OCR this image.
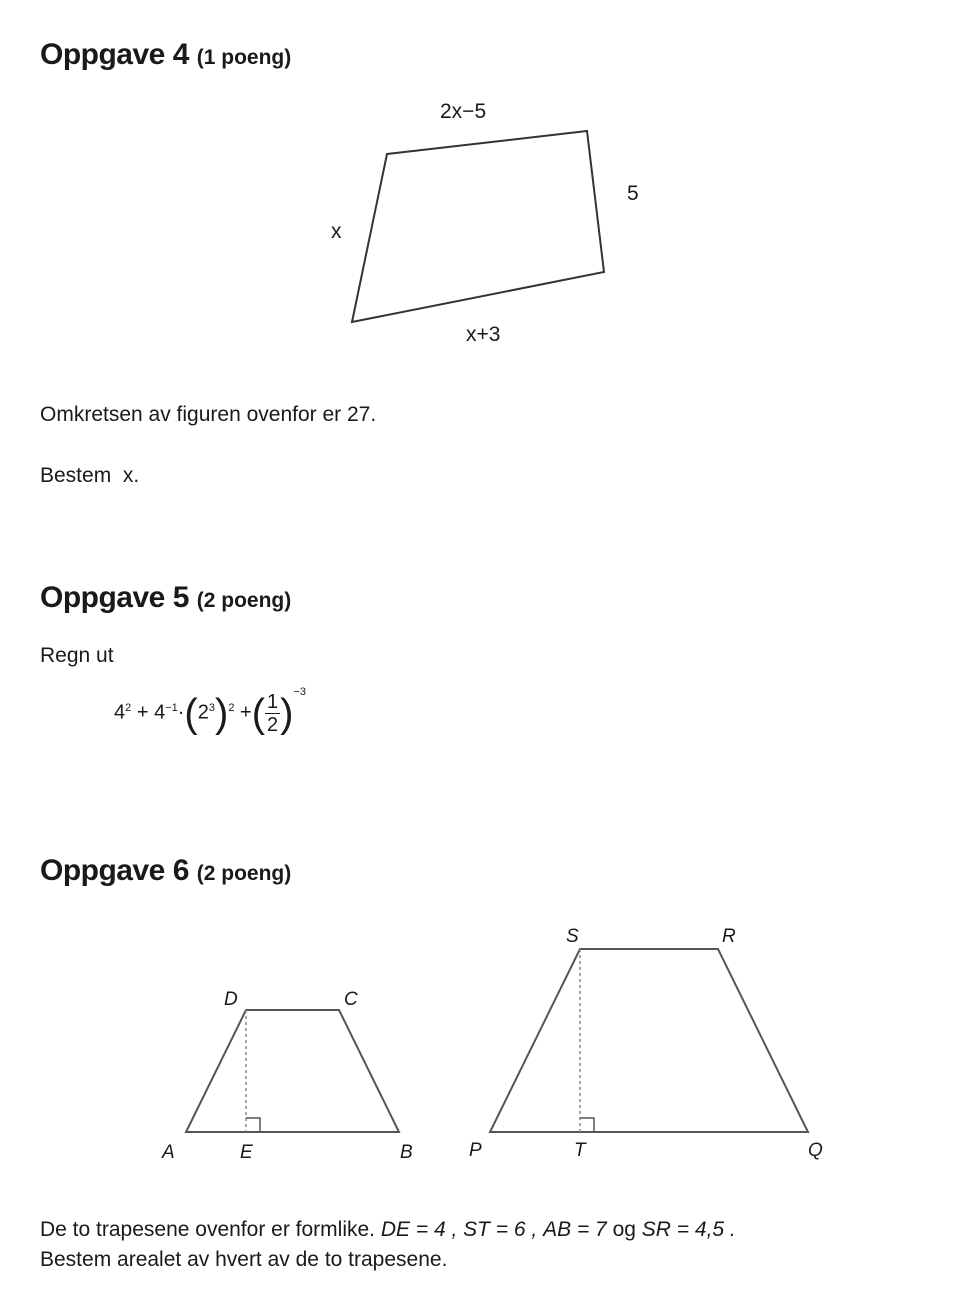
Oppgave 4 (1 poeng)
2x−5
5
x
x+3
Omkretsen av figuren ovenfor er 27.
Bestem  x.
Oppgave 5 (2 poeng)
Regn ut
$4^2 + 4^{-1}\cdot(2^3)^2$ +( $\frac{1}{2} )^{-3}$
Oppgave 6 (2 poeng)
D	C
A	E	B
S	R
P	T	Q
De to trapesene ovenfor er formlike. DE = 4 , ST = 6 , AB = 7 og SR = 4,5 .
Bestem arealet av hvert av de to trapesene.
